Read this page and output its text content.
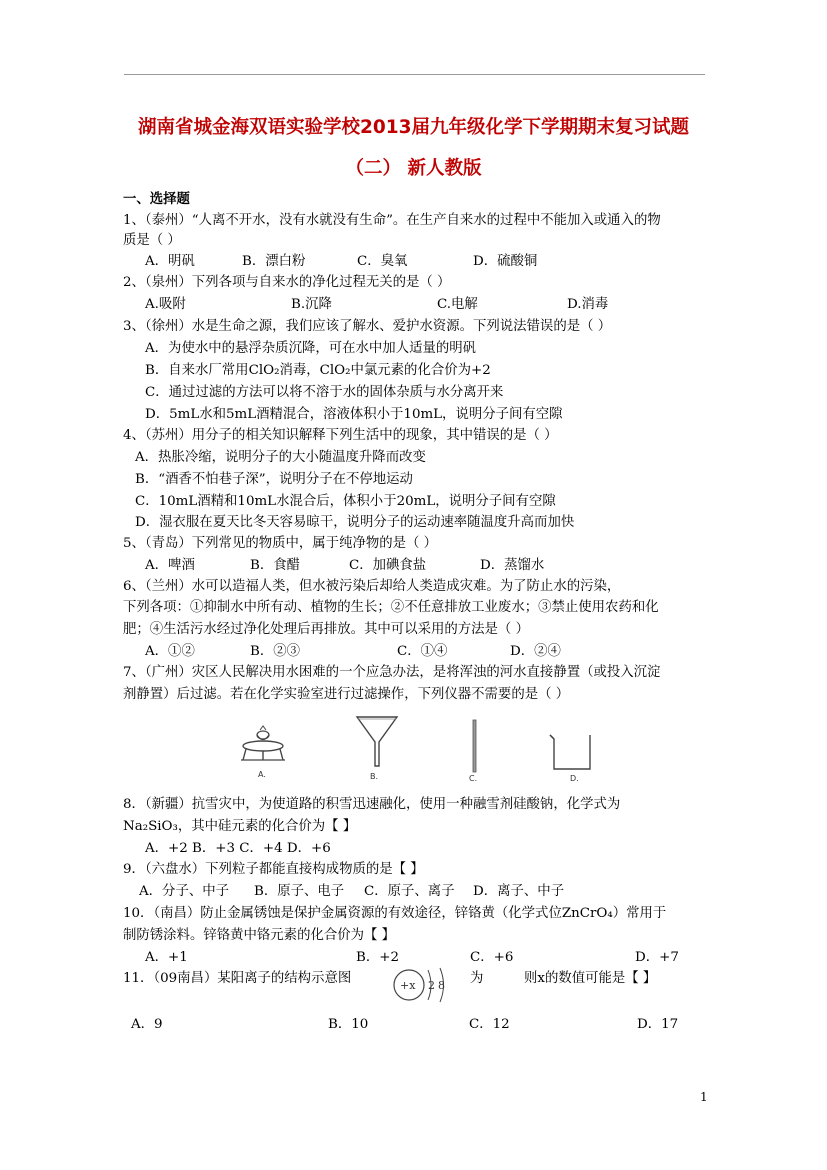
湖南省城金海双语实验学校2013届九年级化学下学期期末复习试题
（二） 新人教版
一、选择题
1、（泰州）“人离不开水，没有水就没有生命”。在生产自来水的过程中不能加入或通入的物
质是（ ）
A．明矾	B．漂白粉	C．臭氧	D．硫酸铜
2、（泉州）下列各项与自来水的净化过程无关的是（ ）
A.吸附	B.沉降	C.电解	D.消毒
3、（徐州）水是生命之源，我们应该了解水、爱护水资源。下列说法错误的是（ ）
A．为使水中的悬浮杂质沉降，可在水中加人适量的明矾
B．自来水厂常用ClO₂消毒，ClO₂中氯元素的化合价为+2
C．通过过滤的方法可以将不溶于水的固体杂质与水分离开来
D．5mL水和5mL酒精混合，溶液体积小于10mL，说明分子间有空隙
4、（苏州）用分子的相关知识解释下列生活中的现象，其中错误的是（ ）
A．热胀冷缩，说明分子的大小随温度升降而改变
B．“酒香不怕巷子深”，说明分子在不停地运动
C．10mL酒精和10mL水混合后，体积小于20mL，说明分子间有空隙
D．湿衣服在夏天比冬天容易晾干，说明分子的运动速率随温度升高而加快
5、（青岛）下列常见的物质中，属于纯净物的是（ ）
A．啤酒	B．食醋	C．加碘食盐	D．蒸馏水
6、（兰州）水可以造福人类，但水被污染后却给人类造成灾难。为了防止水的污染，
下列各项：①抑制水中所有动、植物的生长；②不任意排放工业废水；③禁止使用农药和化
肥；④生活污水经过净化处理后再排放。其中可以采用的方法是（ ）
A．①②	B．②③	C．①④	D．②④
7、（广州）灾区人民解决用水困难的一个应急办法，是将浑浊的河水直接静置（或投入沉淀
剂静置）后过滤。若在化学实验室进行过滤操作，下列仪器不需要的是（ ）
A.	B.	C.	D.
8．（新疆）抗雪灾中，为使道路的积雪迅速融化，使用一种融雪剂硅酸钠，化学式为
Na₂SiO₃，其中硅元素的化合价为【 】
A．+2 B．+3 C．+4 D．+6
9．（六盘水）下列粒子都能直接构成物质的是【 】
A．分子、中子 B．原子、电子 C．原子、离子 D．离子、中子
10．（南昌）防止金属锈蚀是保护金属资源的有效途径，锌铬黄（化学式位ZnCrO₄）常用于
制防锈涂料。锌铬黄中铬元素的化合价为【 】
A．+1	B．+2	C．+6	D．+7
11．（09南昌）某阳离子的结构示意图	+x 2 8 为	则x的数值可能是【 】
A．9	B．10	C．12	D．17
1
